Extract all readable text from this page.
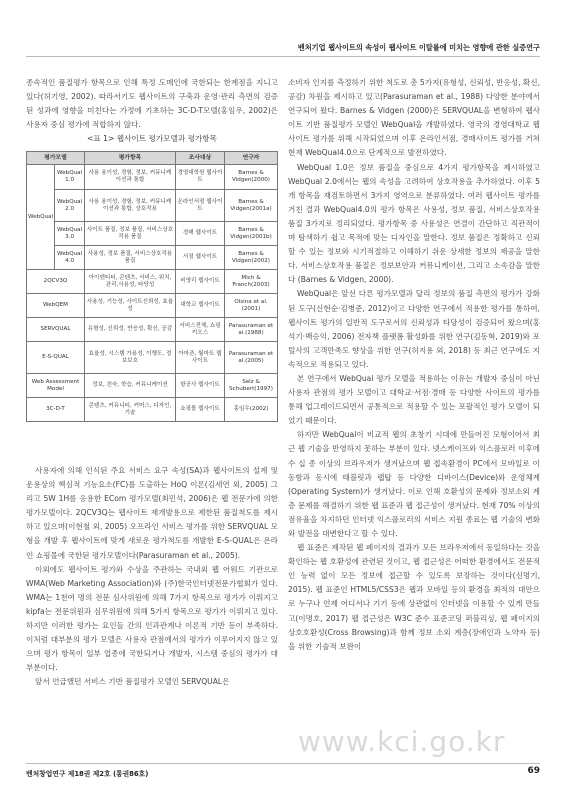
벤처기업 웹사이트의 속성이 웹사이트 이탈률에 미치는 영향에 관한 실증연구

종속적인 품질평가 항목으로 인해 특정 도메인에 국한되는 한계점을 지니고 있다(허기영, 2002). 따라서기도 웹사이트의 구축과 운영·관리 측면의 검증된 성과에 영향을 미친다는 가정에 기초하는 3C-D-T모델(홍임우, 2002)은 사용자 중심 평가에 적합하지 않다.

<표 1> 웹사이트 평가모델과 평가항목
평가모델		평가항목	조사대상	연구자
WebQual	WebQual 1.0	사용 용이성, 경험, 정보, 커뮤니케이션과 통합	경영대학원 웹사이트	Barnes & Vidgen(2000)
	WebQual 2.0	사용 용이성, 경험, 정보, 커뮤니케이션과 통합, 상호작용	온라인서점 웹사이트	Barnes & Vidgen(2001a)
	WebQual 3.0	사이트 품질, 정보 품질, 서비스상호작용 품질	경매 웹사이트	Barnes & Vidgen(2001b)
	WebQual 4.0	사용성, 정보 품질, 서비스상호작용 품질	서점 웹사이트	Barnes & Vidgen(2002)
2QCV3Q		아이덴티티, 콘텐츠, 서비스, 위치, 관리,사용성, 타당성	비영리 웹사이트	Mich & Franch(2003)
WebQEM		사용성, 기능성, 사이트신뢰성, 효율성	대학교 웹사이트	Olsina et al. (2001)
SERVQUAL		유형성, 신뢰성, 반응성, 확신, 공감	서비스전체, 쇼핑키오스	Parasuraman et al.(1988)
E-S-QUAL		효율성, 시스템 가용성, 이행도, 정보보호	아마존, 월마트 웹사이트	Parasuraman et al.(2005)
Web Assessment Model		정보, 친숙, 학습, 커뮤니케이션	항공사 웹사이트	Selz & Schubert(1997)
3C-D-T		콘텐츠, 커뮤니티, 커머스, 디자인, 기술	쇼핑몰 웹사이트	홍임우(2002)

사용자에 의해 인식된 주요 서비스 요구 속성(SA)과 웹사이트의 설계 및 운용상의 핵심적 기능요소(FC)를 도출하는 HoQ 이론(김세연 외, 2005) 그리고 5W 1H를 응용한 ECom 평가모델(최민석, 2006)은 웹 전문가에 의한 평가모델이다. 2QCV3Q는 웹사이트 재개발용으로 제한된 품질척도를 제시하고 있으며(이현철 외, 2005) 오프라인 서비스 평가를 위한 SERVQUAL 모형을 개발 후 웹사이트에 맞게 새로운 평가척도를 개발한 E-S-QUAL은 온라인 쇼핑몰에 국한된 평가모델이다(Parasuraman et al., 2005).

이외에도 웹사이트 평가와 수상을 주관하는 국내외 웹 어워드 기관으로 WMA(Web Marketing Association)와 (주)한국인터넷전문가협회가 있다. WMA는 1천여 명의 전문 심사위원에 의해 7가지 항목으로 평가가 이뤄지고 kipfa는 전문위원과 심무위원에 의해 5가지 항목으로 평가가 이뤄지고 있다. 하지만 이러한 평가는 요인들 간의 인과관계나 이론적 기반 등이 부족하다. 이처럼 대부분의 평가 모델은 사용자 관점에서의 평가가 이루어지지 않고 있으며 평가 항목이 일부 업종에 국한되거나 개발자, 시스템 중심의 평가가 대부분이다.

앞서 언급했던 서비스 기반 품질평가 모델인 SERVQUAL은

소비자 인지를 측정하기 위한 척도로 총 5가지(유형성, 신뢰성, 반응성, 확신, 공감) 차원을 제시하고 있고(Parasuraman et al., 1988) 다양한 분야에서 연구되어 왔다. Barnes & Vidgen (2000)은 SERVQUAL을 변형하여 웹사이트 기반 품질평가 모델인 WebQual을 개발하였다. 영국의 경영대학교 웹사이트 평가를 위해 시작되었으며 이후 온라인서점, 경매사이트 평가를 거쳐 현재 WebQual4.0으로 단계적으로 발전하였다.

WebQual 1.0은 정보 품질을 중심으로 4가지 평가항목을 제시하였고 WebQual 2.0에서는 웹의 속성을 고려하여 상호작용을 추가하였다. 이후 5개 항목을 재검토하면서 3가지 영역으로 분류하였다. 여러 웹사이트 평가를 거친 결과 WebQual4.0의 평가 항목은 사용성, 정보 품질, 서비스상호작용 품질 3가지로 정리되었다. 평가항목 중 사용성은 연결이 간단하고 직관적이며 탐색하기 쉽고 목적에 맞는 디자인을 말한다. 정보 품질은 정확하고 신뢰할 수 있는 정보와 시기적절하고 이해하기 쉬운 상세한 정보의 제공을 말한다. 서비스상호작용 품질은 정보보안과 커뮤니케이션, 그리고 소속감을 말한다 (Barnes & Vidgen, 2000).

WebQual은 앞선 다른 평가모델과 달리 정보의 품질 측면의 평가가 강화된 도구(신현순·김병준, 2012)이고 다양한 연구에서 적용한 평가를 통하여, 웹사이트 평가의 일반적 도구로서의 신뢰성과 타당성이 검증되어 왔으며(홍석기·백승익, 2006) 전자책 플랫폼 활성화를 위한 연구(김동혁, 2019)와 포털사의 고객만족도 향상을 위한 연구(허지용 외, 2018) 등 최근 연구에도 지속적으로 적용되고 있다.

본 연구에서 WebQual 평가 모델을 적용하는 이유는 개발자 중심이 아닌 사용자 관점의 평가 모델이고 대학교·서점·경매 등 다양한 사이트의 평가를 통해 업그레이드되면서 공통적으로 적용할 수 있는 포괄적인 평가 모델이 되었기 때문이다.

하지만 WebQual이 비교적 웹의 초창기 시대에 만들어진 모형이어서 최근 웹 기술을 반영하지 못하는 부분이 있다. 넷스케이프와 익스플로러 이후에 수 십 종 이상의 브라우저가 생겨났으며 웹 접속환경이 PC에서 모바일로 이동함과 동시에 태블릿과 랩탑 등 다양한 디바이스(Device)와 운영체계(Operating System)가 생겨났다. 이로 인해 호환성의 문제와 정보소외 계층 문제를 해결하기 위한 웹 표준과 웹 접근성이 생겨났다. 현재 70% 이상의 점유율을 차지하던 인터넷 익스플로러의 서비스 지원 종료는 웹 기술의 변화와 발전을 대변한다고 할 수 있다.

웹 표준은 제작된 웹 페이지의 결과가 모든 브라우저에서 동일하다는 것을 확인하는 웹 호환성에 관련된 것이고, 웹 접근성은 어떠한 환경에서도 전문적인 능력 없이 모든 정보에 접근할 수 있도록 보장하는 것이다(신명기, 2015). 웹 표준인 HTML5/CSS3은 웹과 모바일 등의 환경을 최적의 대안으로 누구나 언제 어디서나 기기 등에 상관없이 인터넷을 이용할 수 있게 만들고(이명호, 2017) 웹 접근성은 W3C 준수 표준코딩 퍼블리싱, 웹 페이지의 상호호환성(Cross Browsing)과 함께 정보 소외 계층(장애인과 노약자 등)을 위한 기술적 보완이

www.kci.go.kr
벤처창업연구 제18권 제2호 (통권86호)	69
